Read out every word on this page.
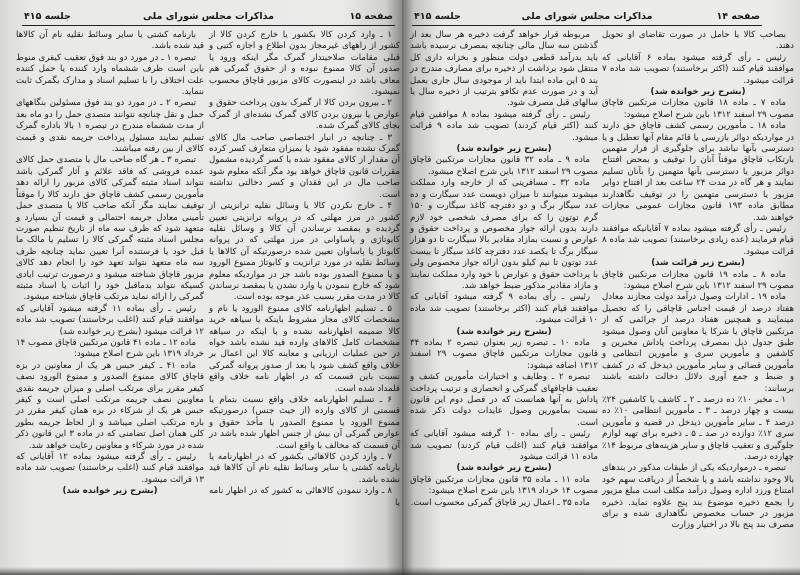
صفحه ۱۵
مذاکرات مجلس شورای ملی
جلسه ۴۱۵

۱ ـ وارد کردن کالا بکشور یا خارج کردن کالا از کشور از راههای غیرمجاز بدون اطلاع و اجازه کتبی و قبلی مقامات صلاحیتدار گمرک مگر اینکه ورود یا صدور آن کالا ممنوع نبوده و از حقوق گمرکی هم معاف باشد در اینصورت کالای مزبور قاچاق محسوب نمیشود.

۲ ـ بیرون بردن کالا از گمرک بدون پرداخت حقوق و عوارض یا بیرون بردن کالای گمرک نشده‌ای از گمرک بجای کالای گمرک شده.

۳ ـ چنانچه در انبار اختصاصی صاحب مال کالای گمرک نشده مفقود شود یا بمیزان متعارف کسر کرده آن مقدار از کالای مفقود شده یا کسر گردیده مشمول مقررات قانون قاچاق خواهد بود مگر آنکه معلوم شود صاحب مال در این فقدان و کسر دخالتی نداشته است.

۴ ـ خارج نکردن کالا یا وسائل نقلیه ترانزیتی از کشور در مرز مهلتی که در پروانه ترانزیتی تعیین گردیده و بمقصد نرساندن آن کالا و وسائل نقلیه کابوتاژی و پاساوانی در مرز مهلتی که در پروانه کابوتاژ یا پاساوان تعیین شده درصورتیکه آن کالاها یا وسائط نقلیه در مورد ترانزیت و کابوتاژ ممنوع الورود و یا ممنوع الصدور بوده باشد جز در مواردیکه معلوم شود که خارج ننمودن یا وارد نشدن یا بمقصد نرساندن کالا در مدت مقرر بسبب عذر موجه بوده است.

۵ ـ تسلیم اظهارنامه کالای ممنوع الورود یا نام و مشخصات کالای مجاز مشروط باینکه یا سیاهه خرید کالا ضمیمه اظهارنامه نشده و یا اینکه در سیاهه مشخصات کامل کالاهای وارده قید نشده باشد خواه در حین عملیات ارزیابی و معاینه کالا این اعمال بر خلاف واقع کشف شود یا بعد از صدور پروانه گمرکی نسبت باین قسمت که در اظهار نامه خلاف واقع قلمداد شده است.

۶ ـ تسلیم اظهارنامه خلاف واقع نسبت بتمام یا قسمتی از کالای وارده (از حیث جنس) درصورتیکه ممنوع الورود یا ممنوع الصدور یا مأخذ حقوق و عوارض گمرکی آن بیش از جنس اظهار شده باشد در آن قسمت که مخالف با واقع است.

۷ ـ وارد کردن کالاهائی بکشور که در اظهارنامه یا بارنامه کشتی یا سایر وسائط نقلیه نام آن کالاها قید نشده باشد.

۸ ـ وارد ننمودن کالاهائی به کشور که در اظهار نامه یا

بارنامه کشتی یا سایر وسائط نقلیه نام آن کالاها قید شده باشد.

تبصره ۱ ـ در مورد دو بند فوق تعقیب کیفری منوط باین است ظرف ششماه وارد کننده یا حمل کننده علت اختلاف را با تسلیم اسناد و مدارک بگمرک ثابت ننماید.

تبصره ۲ ـ در مورد دو بند فوق مسئولین بنگاههای حمل و نقل چنانچه نتوانند متصدی حمل را دو ماه بعد از مدت ششماه مندرج در تبصره ۱ بالا باداره گمرک تسلیم نمایند مسئول پرداخت جریمه نقدی و قیمت کالای از بین رفته میباشند.

تبصره ۳ ـ هر گاه صاحب مال یا متصدی حمل کالای عمده فروشی که فاقد علائم و آثار گمرکی باشد نتواند اسناد مثبته گمرکی کالای مزبور را ارائه دهد مأمورین رسمی کشف قاچاق حق دارند کالا را موقتاً توقیف نمایند مگر آنکه صاحب کالا یا متصدی حمل تأمینی معادل جریمه احتمالی و قیمت آن بسپارد و متعهد شود که ظرف سه ماه از تاریخ تنظیم صورت مجلس اسناد مثبته گمرکی کالا را تسلیم یا مالک ما قبل خود یا فرستنده آنرا تعیین نماید چنانچه ظرف سه ماه متعهد نتواند تعهد خود را انجام دهد کالای مزبور قاچاق شناخته میشود و درصورت ترتیب ایادی کسیکه نتواند بدماقبل خود را اثبات یا اسناد مثبته گمرکی را ارائه نماید مرتکب قاچاق شناخته میشود.

رئیس ـ رأی بماده ۱۱ گرفته میشود آقایانی که موافقند قیام کنند (اغلب برخاستند) تصویب شد ماده ۱۲ قرائت میشود (بشرح زیر خوانده شد)

ماده ۱۲ ـ ماده ۴۱ قانون مرتکبین قاچاق مصوب ۱۴ خرداد ۱۳۱۹ باین شرح اصلاح میشود:

ماده ۴۱ ـ کیفر حبس هر یک از معاونین در بزه قاچاق کالای ممنوع الصدور و ممنوع الورود نصف کیفر مقرر برای مرتکب اصلی و میزان جریمه نقدی معاونین نصف جریمه مرتکب اصلی است و کیفر حبس هر یک از شرکاء در بزه همان کیفر مقرر در باره مرتکب اصلی میباشد و از لحاظ جریمه بطور کلی همان اصل تضامنی که در ماده ۳ این قانون ذکر شده در مورد شرکاء و معاونین رعایت خواهد شد.

رئیس ـ رأی گرفته میشود بماده ۱۲ آقایانی که موافقند قیام کنند (اغلب برخاستند) تصویب شد ماده ۱۳ قرائت میشود.

(بشرح زیر خوانده شد)

صفحه ۱۴
مذاکرات مجلس شورای ملی
جلسه ۴۱۵

بصاحب کالا یا حامل در صورت تقاضای او تحویل دهند.

رئیس ـ رأی گرفته میشود بماده ۶ آقایانی که موافقند قیام کنند (اکثر برخاستند) تصویب شد ماده ۷ قرائت میشود.

(بشرح زیر خوانده شد)

ماده ۷ ـ ماده ۱۸ قانون مجازات مرتکبین قاچاق مصوب ۲۹ اسفند ۱۳۱۲ باین شرح اصلاح میشود:

ماده ۱۸ ـ مأمورین رسمی کشف قاچاق حق دارند در مواردیکه دوائر بازرسی یا قائم مقام آنها تعطیل و یا دسترسی بآنها نباشد برای جلوگیری از فرار متهمین بارتکاب قاچاق موقتاً آنان را توقیف و بمحض افتتاح دوائر مزبور یا دسترسی بآنها متهمین را بآنان تسلیم نمایند و هر گاه در مدت ۲۴ ساعت بعد از افتتاح دوایر مزبور یا دسترسی متهمین را در توقیف نگاهدارند مطابق ماده ۱۹۳ قانون مجازات عمومی مجازات خواهند شد.

رئیس ـ رأی گرفته میشود بماده ۷ آقایانیکه موافقند قیام فرمایند (عده زیادی برخاستند) تصویب شد ماده ۸ قرائت میشود.

(بشرح زیر قرائت شد)

ماده ۸ ـ ماده ۱۹ قانون مجازات مرتکبین قاچاق مصوب ۲۹ اسفند ۱۳۱۲ باین شرح اصلاح میشود:

ماده ۱۹ ـ ادارات وصول درآمد دولت مجازند معادل هفتاد درصد از قیمت اجناس قاچاقی را که تحصیل مینمایند و همچنین هفتاد درصد از جرائمی که از مرتکبین قاچاق یا شرکا یا معاونین آنان وصول میشود طبق جدول ذیل بمصرف پرداخت پاداش مخبرین و کاشفین و مأمورین سری و مأمورین انتظامی و مأمورین قضائی و سایر مأمورین ذیدخل که در کشف و ضبط و جمع آوری دلائل دخالت داشته باشند برسانند:

۱ ـ مخبر ۱۰٪ ده درصد ـ ۲ ـ کاشف یا کاشفین ۲۴٪ بیست و چهار درصد ـ ۳ ـ مأمورین انتظامی ۱۰٪ ده درصد ۴ ـ سایر مأمورین ذیدخل در قضیه و مأمورین سری ۱۲٪ دوازده در صد ـ ۵ ـ ذخیره برای تهیه لوازم جلوگیری و تعقیب قاچاق و سایر هزینه‌های مربوط ۱۴٪ چهارده درصد.

تبصره ـ درمواردیکه یکی از طبقات مذکور در بندهای بالا وجود نداشته باشد و یا شخصاً از دریافت سهم خود امتناع ورزد اداره وصول درآمد مکلف است مبلغ مزبور را بجمع ذخیره موضوع بند پنج علاوه نماید. ذخیره مزبور در حساب مخصوص نگاهداری شده و برای مصرف بند پنج بالا در اختیار وزارت

مربوطه قرار خواهد گرفت ذخیره هر سال بعد از گذشتن سه سال مالی چنانچه بمصرف نرسیده باشد باید بدرآمد قطعی دولت منظور و بخزانه داری کل منتقل شود برداشت از ذخیره برای مصارف مندرج در بند ۵ این ماده ابتدا باید از موجودی سال جاری بعمل آید و در صورت عدم تکافو بترتیب از ذخیره سال یا سالهای قبل مصرف شود.

رئیس ـ رأی گرفته میشود بماده ۸ موافقین قیام کنند (اکثر قیام کردند) تصویب شد ماده ۹ قرائت میشود.

(بشرح زیر خوانده شد)

ماده ۹ ـ ماده ۳۲ قانون مجازات مرتکبین قاچاق مصوب ۲۹ اسفند ۱۳۱۲ باین شرح اصلاح میشود.

ماده ۳۲ ـ مسافرینی که از خارجه وارد مملکت میشوند میتوانند تا میزان دویست عدد سیگارت و ده عدد سیگار برگ و دو دفترچه کاغذ سیگارت و ۱۵۰ گرم توتون را که برای مصرف شخصی خود لازم دارند بدون ارائه جواز مخصوص و پرداخت حقوق و عوارض و نسبت بمازاد مقادیر بالا سیگارت تا دو هزار سیگار برگ تا یکصد عدد دفترچه کاغذ سیگار تا بیست عدد توتون تا نیم کیلو بدون ارائه جواز مخصوص ولی با پرداخت حقوق و عوارض با خود وارد مملکت نمایند و مازاد مقادیر مذکور ضبط خواهد شد.

رئیس ـ رأی بماده ۹ گرفته میشود آقایانی که موافقند قیام کنند (اکثر برخاستند) تصویب شد ماده ۱۰ قرائت میشود.

(بشرح زیر خوانده شد)

ماده ۱۰ ـ تبصره زیر بعنوان تبصره ۲ بماده ۳۴ قانون مجازات مرتکبین قاچاق مصوب ۲۹ اسفند ۱۳۱۲ اضافه میشود:

تبصره ۲ ـ وظایف و اختیارات مأمورین کشف و تعقیب قاچاقهای گمرکی و انحصاری و ترتیب پرداخت پاداش به آنها همانست که در فصل دوم این قانون نسبت بمأمورین وصول عایدات دولت ذکر شده است.

رئیس ـ رأی بماده ۱۰ گرفته میشود آقایانی که موافقند قیام کنند (اغلب قیام کردند) تصویب شد ماده ۱۱ قرائت میشود

(بشرح زیر خوانده شد)

ماده ۱۱ ـ ماده ۳۵ قانون مجازات مرتکبین قاچاق مصوب ۱۴ خرداد ۱۳۱۹ باین شرح اصلاح میشود:

ماده ۳۵ ـ اعمال زیر قاچاق گمرکی محسوب است.
